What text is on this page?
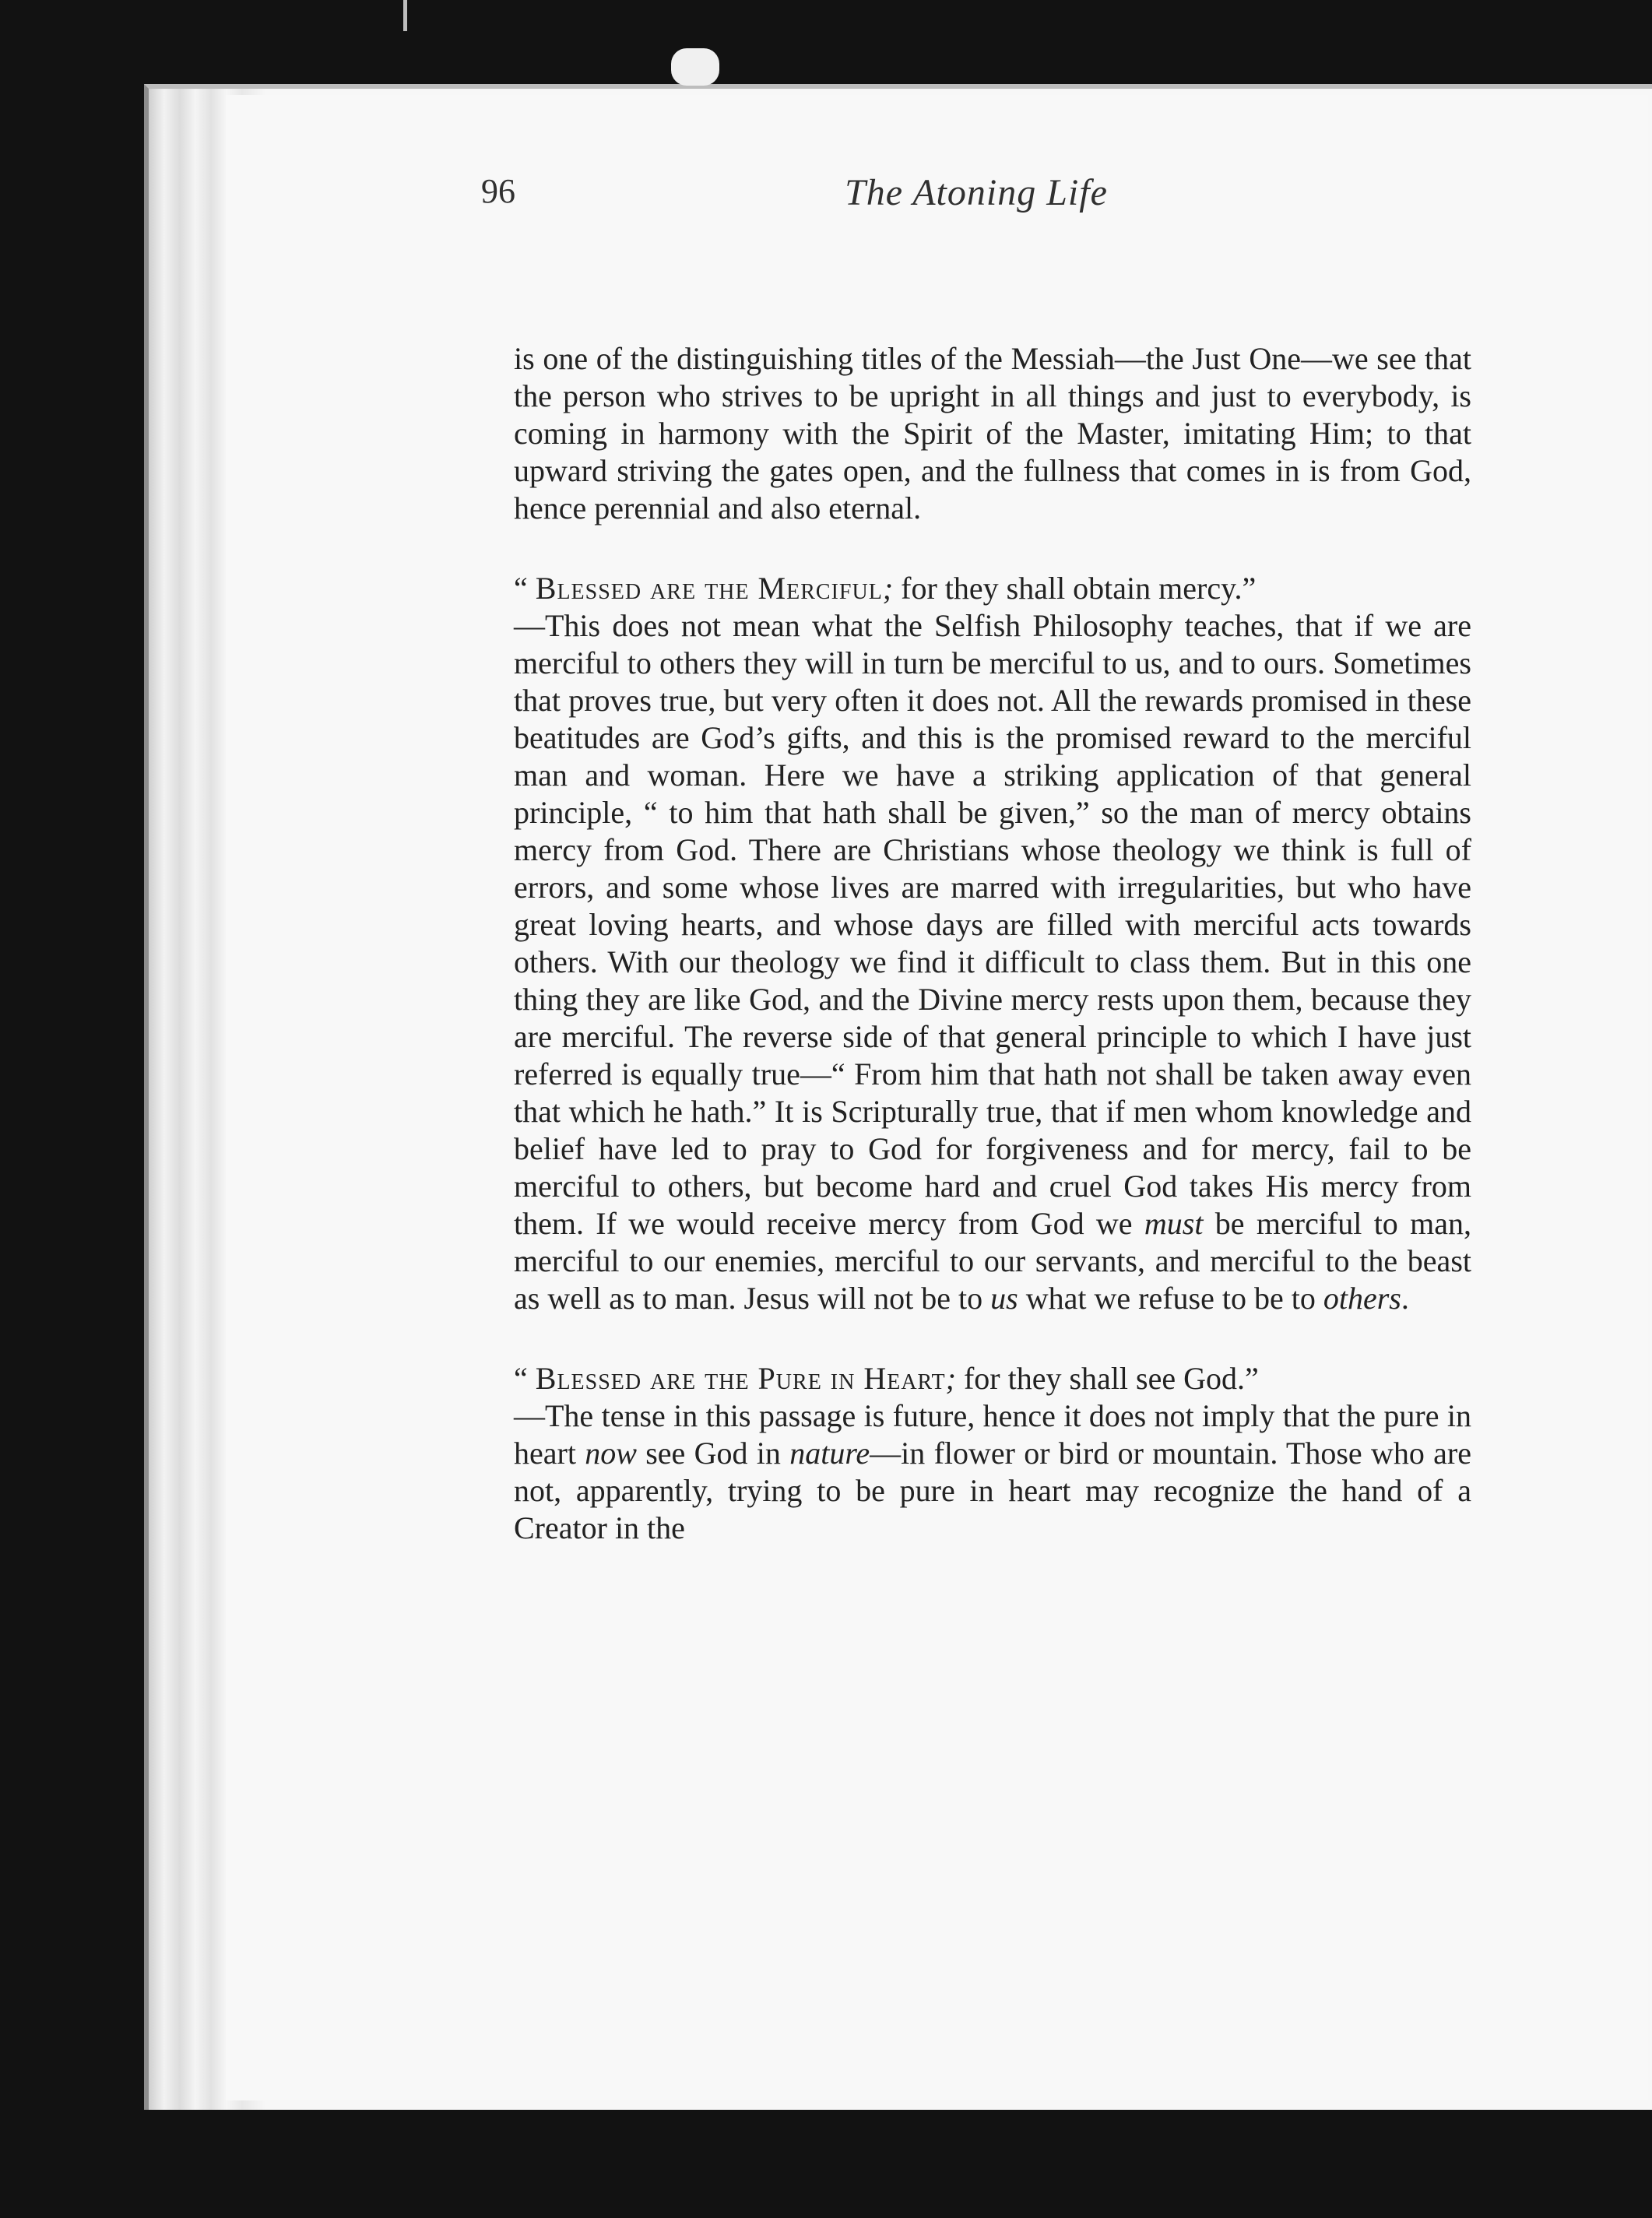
96	The Atoning Life

is one of the distinguishing titles of the Messiah—the Just One—we see that the person who strives to be upright in all things and just to everybody, is coming in harmony with the Spirit of the Master, imitating Him; to that upward striving the gates open, and the fullness that comes in is from God, hence perennial and also eternal.

“ Blessed are the Merciful; for they shall obtain mercy.”
—This does not mean what the Selfish Philosophy teaches, that if we are merciful to others they will in turn be merciful to us, and to ours. Sometimes that proves true, but very often it does not. All the rewards promised in these beatitudes are God’s gifts, and this is the promised reward to the merciful man and woman. Here we have a striking application of that general principle, “ to him that hath shall be given,” so the man of mercy obtains mercy from God. There are Christians whose theology we think is full of errors, and some whose lives are marred with irregularities, but who have great loving hearts, and whose days are filled with merciful acts towards others. With our theology we find it difficult to class them. But in this one thing they are like God, and the Divine mercy rests upon them, because they are merciful. The reverse side of that general principle to which I have just referred is equally true—“ From him that hath not shall be taken away even that which he hath.” It is Scripturally true, that if men whom knowledge and belief have led to pray to God for forgiveness and for mercy, fail to be merciful to others, but become hard and cruel God takes His mercy from them. If we would receive mercy from God we must be merciful to man, merciful to our enemies, merciful to our servants, and merciful to the beast as well as to man. Jesus will not be to us what we refuse to be to others.

“ Blessed are the Pure in Heart; for they shall see God.”
—The tense in this passage is future, hence it does not imply that the pure in heart now see God in nature—in flower or bird or mountain. Those who are not, apparently, trying to be pure in heart may recognize the hand of a Creator in the
